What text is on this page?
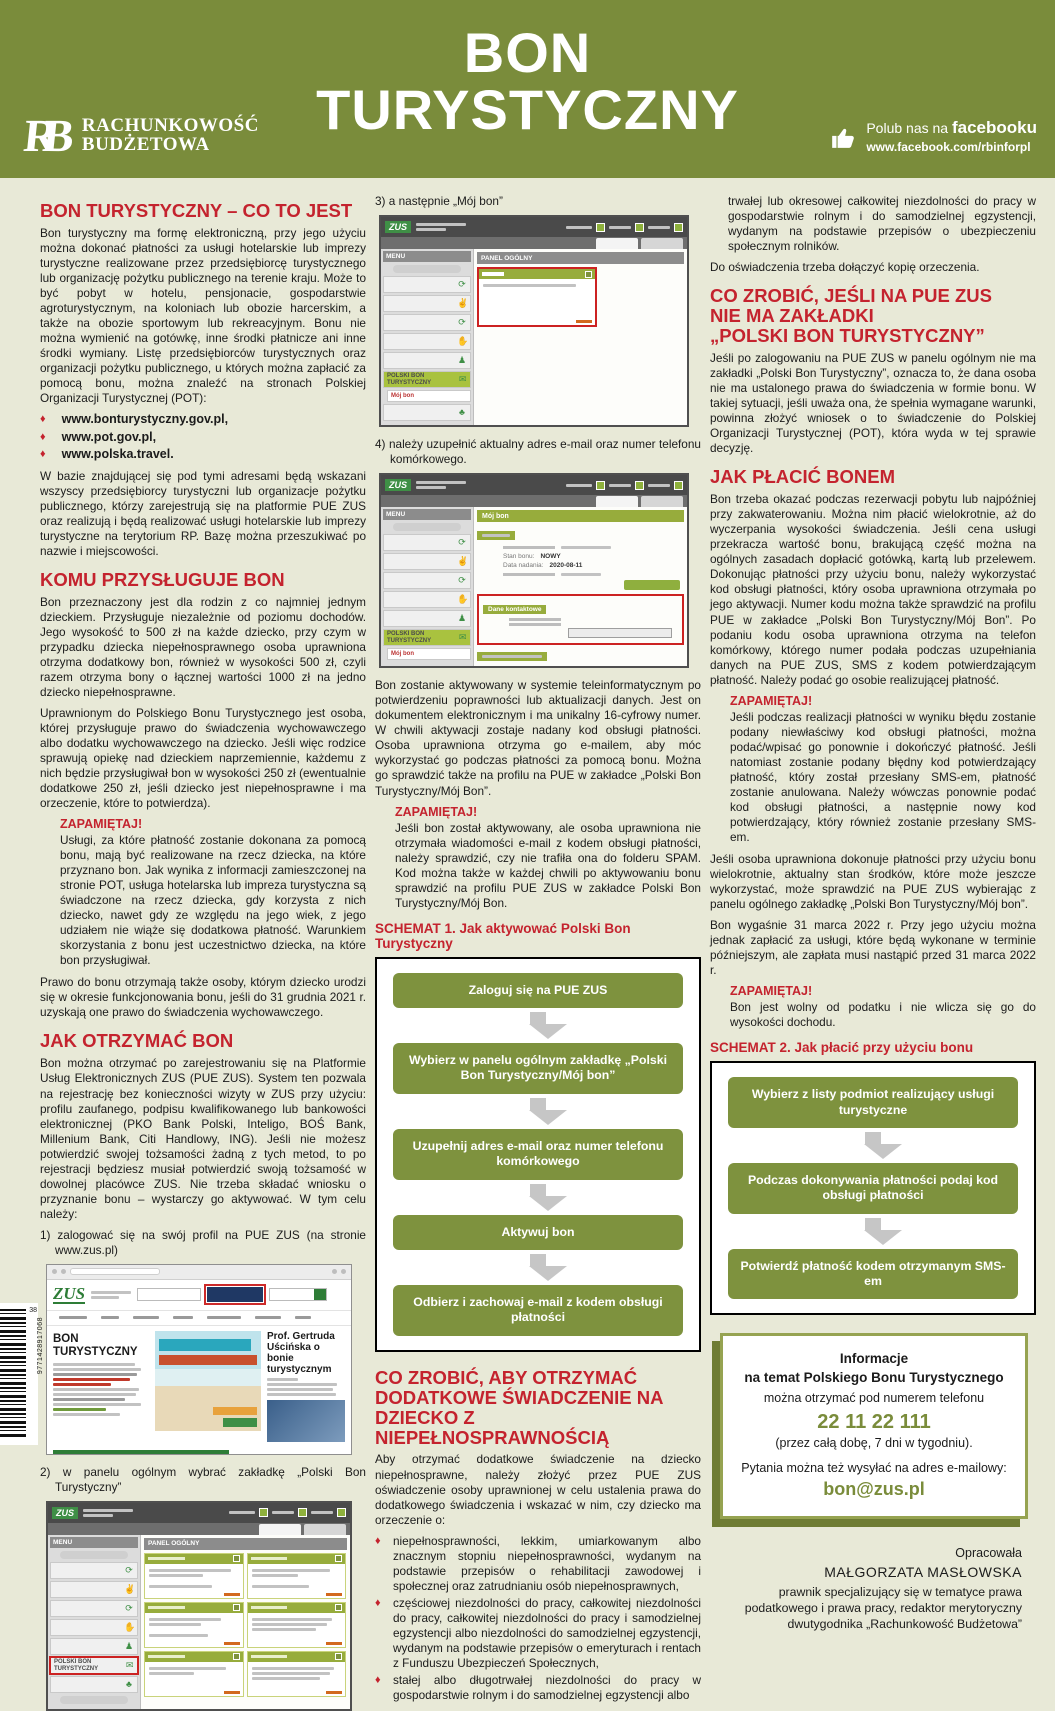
BON
TURYSTYCZNY
RB	RACHUNKOWOŚĆ
BUDŻETOWA
Polub nas na facebooku
www.facebook.com/rbinforpl
BON TURYSTYCZNY – CO TO JEST

Bon turystyczny ma formę elektroniczną, przy jego użyciu można dokonać płatności za usługi hotelarskie lub imprezy turystyczne realizowane przez przedsiębiorcę turystycznego lub organizację pożytku publicznego na terenie kraju. Może to być pobyt w hotelu, pensjonacie, gospodarstwie agroturystycznym, na koloniach lub obozie harcerskim, a także na obozie sportowym lub rekreacyjnym. Bonu nie można wymienić na gotówkę, inne środki płatnicze ani inne środki wymiany. Listę przedsiębiorców turystycznych oraz organizacji pożytku publicznego, u których można zapłacić za pomocą bonu, można znaleźć na stronach Polskiej Organizacji Turystycznej (POT):

♦ www.bonturystyczny.gov.pl,
♦ www.pot.gov.pl,
♦ www.polska.travel.

W bazie znajdującej się pod tymi adresami będą wskazani wszyscy przedsiębiorcy turystyczni lub organizacje pożytku publicznego, którzy zarejestrują się na platformie PUE ZUS oraz realizują i będą realizować usługi hotelarskie lub imprezy turystyczne na terytorium RP. Bazę można przeszukiwać po nazwie i miejscowości.

KOMU PRZYSŁUGUJE BON

Bon przeznaczony jest dla rodzin z co najmniej jednym dzieckiem. Przysługuje niezależnie od poziomu dochodów. Jego wysokość to 500 zł na każde dziecko, przy czym w przypadku dziecka niepełnosprawnego osoba uprawniona otrzyma dodatkowy bon, również w wysokości 500 zł, czyli razem otrzyma bony o łącznej wartości 1000 zł na jedno dziecko niepełnosprawne.

Uprawnionym do Polskiego Bonu Turystycznego jest osoba, której przysługuje prawo do świadczenia wychowawczego albo dodatku wychowawczego na dziecko. Jeśli więc rodzice sprawują opiekę nad dzieckiem naprzemiennie, każdemu z nich będzie przysługiwał bon w wysokości 250 zł (ewentualnie dodatkowe 250 zł, jeśli dziecko jest niepełnosprawne i ma orzeczenie, które to potwierdza).

ZAPAMIĘTAJ!

Usługi, za które płatność zostanie dokonana za pomocą bonu, mają być realizowane na rzecz dziecka, na które przyznano bon. Jak wynika z informacji zamieszczonej na stronie POT, usługa hotelarska lub impreza turystyczna są świadczone na rzecz dziecka, gdy korzysta z nich dziecko, nawet gdy ze względu na jego wiek, z jego udziałem nie wiąże się dodatkowa płatność. Warunkiem skorzystania z bonu jest uczestnictwo dziecka, na które bon przysługiwał.

Prawo do bonu otrzymają także osoby, którym dziecko urodzi się w okresie funkcjonowania bonu, jeśli do 31 grudnia 2021 r. uzyskają one prawo do świadczenia wychowawczego.

JAK OTRZYMAĆ BON

Bon można otrzymać po zarejestrowaniu się na Platformie Usług Elektronicznych ZUS (PUE ZUS). System ten pozwala na rejestrację bez konieczności wizyty w ZUS przy użyciu: profilu zaufanego, podpisu kwalifikowanego lub bankowości elektronicznej (PKO Bank Polski, Inteligo, BOŚ Bank, Millenium Bank, Citi Handlowy, ING). Jeśli nie możesz potwierdzić swojej tożsamości żadną z tych metod, to po rejestracji będziesz musiał potwierdzić swoją tożsamość w dowolnej placówce ZUS. Nie trzeba składać wniosku o przyznanie bonu – wystarczy go aktywować. W tym celu należy:

1) zalogować się na swój profil na PUE ZUS (na stronie www.zus.pl)

ZUS
BON TURYSTYCZNY
Prof. Gertruda Uścińska o bonie turystycznym

2) w panelu ogólnym wybrać zakładkę „Polski Bon Turystyczny”

ZUS
MENU
⟳
✌
⟳
✋
♟
POLSKI BON TURYSTYCZNY	✉
♣
PANEL OGÓLNY

3) a następnie „Mój bon”

ZUS
MENU
⟳
✌
⟳
✋
♟
POLSKI BON TURYSTYCZNY	✉
Mój bon
♣
PANEL OGÓLNY

4) należy uzupełnić aktualny adres e-mail oraz numer telefonu komórkowego.

ZUS
MENU
⟳
✌
⟳
✋
♟
POLSKI BON TURYSTYCZNY	✉
Mój bon
Mój bon
Stan bonu: NOWY
Data nadania: 2020-08-11
Dane kontaktowe

Bon zostanie aktywowany w systemie teleinformatycznym po potwierdzeniu poprawności lub aktualizacji danych. Jest on dokumentem elektronicznym i ma unikalny 16-cyfrowy numer. W chwili aktywacji zostaje nadany kod obsługi płatności. Osoba uprawniona otrzyma go e-mailem, aby móc wykorzystać go podczas płatności za pomocą bonu. Można go sprawdzić także na profilu na PUE w zakładce „Polski Bon Turystyczny/Mój Bon”.

ZAPAMIĘTAJ!

Jeśli bon został aktywowany, ale osoba uprawniona nie otrzymała wiadomości e-mail z kodem obsługi płatności, należy sprawdzić, czy nie trafiła ona do folderu SPAM. Kod można także w każdej chwili po aktywowaniu bonu sprawdzić na profilu PUE ZUS w zakładce Polski Bon Turystyczny/Mój Bon.

SCHEMAT 1. Jak aktywować Polski Bon Turystyczny
Zaloguj się na PUE ZUS
Wybierz w panelu ogólnym zakładkę „Polski Bon Turystyczny/Mój bon”
Uzupełnij adres e-mail oraz numer telefonu komórkowego
Aktywuj bon
Odbierz i zachowaj e-mail z kodem obsługi płatności
CO ZROBIĆ, ABY OTRZYMAĆ DODATKOWE ŚWIADCZENIE NA DZIECKO Z NIEPEŁNOSPRAWNOŚCIĄ

Aby otrzymać dodatkowe świadczenie na dziecko niepełnosprawne, należy złożyć przez PUE ZUS oświadczenie osoby uprawnionej w celu ustalenia prawa do dodatkowego świadczenia i wskazać w nim, czy dziecko ma orzeczenie o:

♦	niepełnosprawności, lekkim, umiarkowanym albo znacznym stopniu niepełnosprawności, wydanym na podstawie przepisów o rehabilitacji zawodowej i społecznej oraz zatrudnianiu osób niepełnosprawnych,
♦	częściowej niezdolności do pracy, całkowitej niezdolności do pracy, całkowitej niezdolności do pracy i samodzielnej egzystencji albo niezdolności do samodzielnej egzystencji, wydanym na podstawie przepisów o emeryturach i rentach z Funduszu Ubezpieczeń Społecznych,
♦	stałej albo długotrwałej niezdolności do pracy w gospodarstwie rolnym i do samodzielnej egzystencji albo

trwałej lub okresowej całkowitej niezdolności do pracy w gospodarstwie rolnym i do samodzielnej egzystencji, wydanym na podstawie przepisów o ubezpieczeniu społecznym rolników.

Do oświadczenia trzeba dołączyć kopię orzeczenia.

CO ZROBIĆ, JEŚLI NA PUE ZUS
NIE MA ZAKŁADKI
„POLSKI BON TURYSTYCZNY”

Jeśli po zalogowaniu na PUE ZUS w panelu ogólnym nie ma zakładki „Polski Bon Turystyczny”, oznacza to, że dana osoba nie ma ustalonego prawa do świadczenia w formie bonu. W takiej sytuacji, jeśli uważa ona, że spełnia wymagane warunki, powinna złożyć wniosek o to świadczenie do Polskiej Organizacji Turystycznej (POT), która wyda w tej sprawie decyzję.

JAK PŁACIĆ BONEM

Bon trzeba okazać podczas rezerwacji pobytu lub najpóźniej przy zakwaterowaniu. Można nim płacić wielokrotnie, aż do wyczerpania wysokości świadczenia. Jeśli cena usługi przekracza wartość bonu, brakującą część można na ogólnych zasadach dopłacić gotówką, kartą lub przelewem. Dokonując płatności przy użyciu bonu, należy wykorzystać kod obsługi płatności, który osoba uprawniona otrzymała po jego aktywacji. Numer kodu można także sprawdzić na profilu PUE w zakładce „Polski Bon Turystyczny/Mój Bon”. Po podaniu kodu osoba uprawniona otrzyma na telefon komórkowy, którego numer podała podczas uzupełniania danych na PUE ZUS, SMS z kodem potwierdzającym płatność. Należy podać go osobie realizującej płatność.

ZAPAMIĘTAJ!

Jeśli podczas realizacji płatności w wyniku błędu zostanie podany niewłaściwy kod obsługi płatności, można podać/wpisać go ponownie i dokończyć płatność. Jeśli natomiast zostanie podany błędny kod potwierdzający płatność, który został przesłany SMS-em, płatność zostanie anulowana. Należy wówczas ponownie podać kod obsługi płatności, a następnie nowy kod potwierdzający, który również zostanie przesłany SMS-em.

Jeśli osoba uprawniona dokonuje płatności przy użyciu bonu wielokrotnie, aktualny stan środków, które może jeszcze wykorzystać, może sprawdzić na PUE ZUS wybierając z panelu ogólnego zakładkę „Polski Bon Turystyczny/Mój bon”.

Bon wygaśnie 31 marca 2022 r. Przy jego użyciu można jednak zapłacić za usługi, które będą wykonane w terminie późniejszym, ale zapłata musi nastąpić przed 31 marca 2022 r.

ZAPAMIĘTAJ!

Bon jest wolny od podatku i nie wlicza się go do wysokości dochodu.

SCHEMAT 2. Jak płacić przy użyciu bonu
Wybierz z listy podmiot realizujący usługi turystyczne
Podczas dokonywania płatności podaj kod obsługi płatności
Potwierdź płatność kodem otrzymanym SMS-em
Informacje
na temat Polskiego Bonu Turystycznego
można otrzymać pod numerem telefonu
22 11 22 111
(przez całą dobę, 7 dni w tygodniu).
Pytania można też wysyłać na adres e-mailowy:
bon@zus.pl
Opracowała
MAŁGORZATA MASŁOWSKA
prawnik specjalizujący się w tematyce prawa podatkowego i prawa pracy, redaktor merytoryczny dwutygodnika „Rachunkowość Budżetowa”
38
9771428917068
